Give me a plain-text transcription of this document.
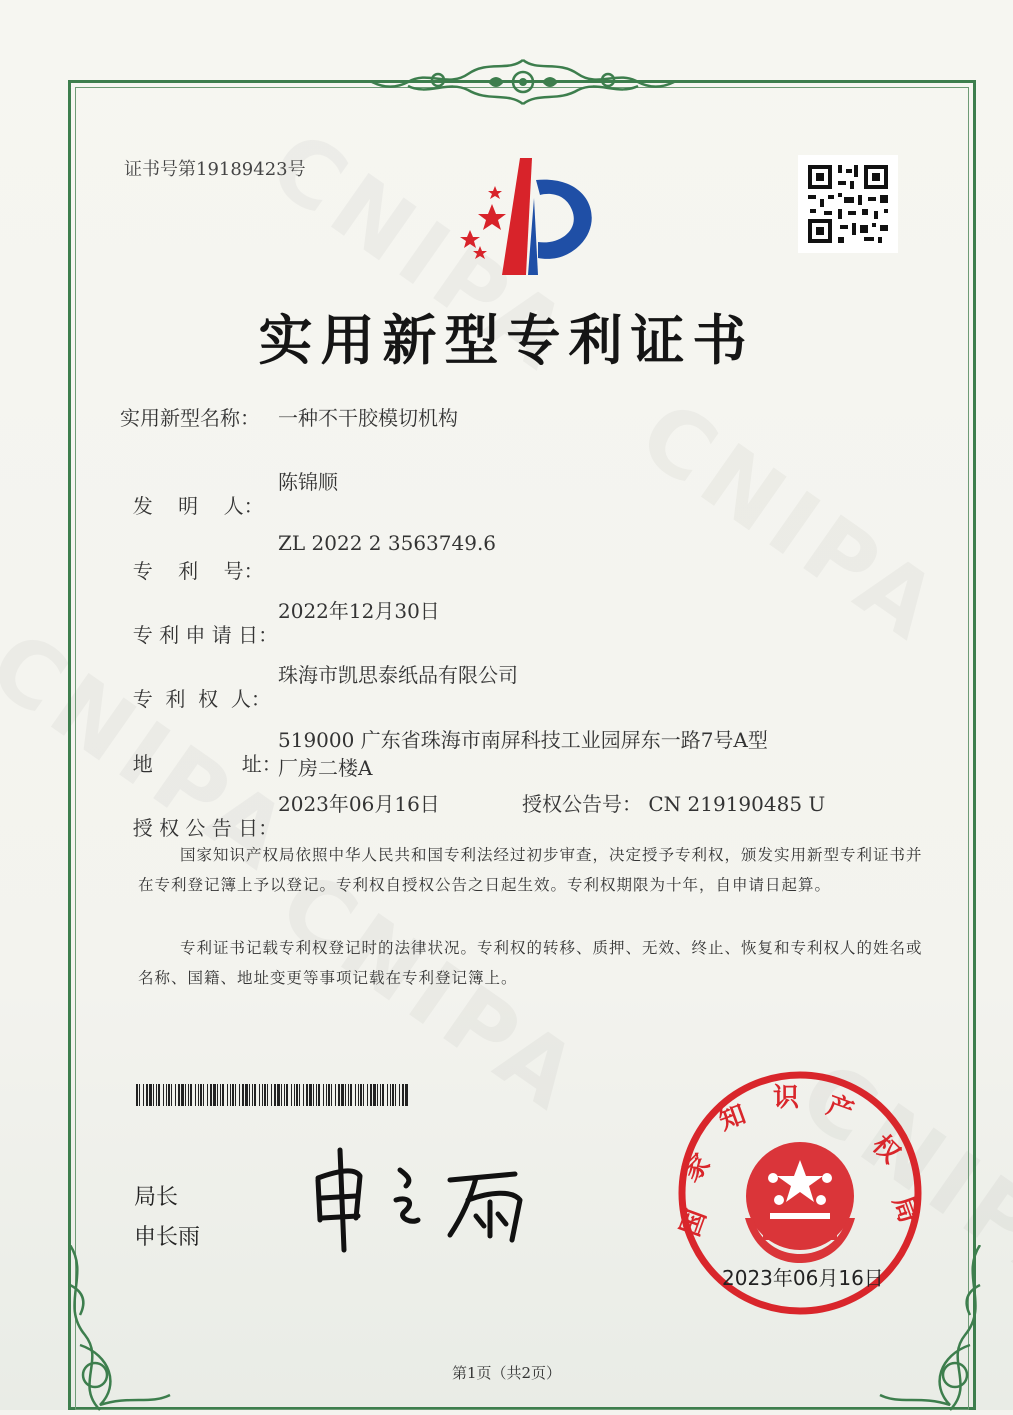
证书号第19189423号
实用新型专利证书
实用新型名称： 一种不干胶模切机构

发    明    人：

陈锦顺

专    利    号：

ZL 2022 2 3563749.6

专 利 申 请 日：

2022年12月30日

专  利  权  人：

珠海市凯思泰纸品有限公司

地              址：

519000 广东省珠海市南屏科技工业园屏东一路7号A型

厂房二楼A

授 权 公 告 日：

2023年06月16日	授权公告号： CN 219190485 U
国家知识产权局依照中华人民共和国专利法经过初步审查，决定授予专利权，颁发实用新型专利证书并在专利登记簿上予以登记。专利权自授权公告之日起生效。专利权期限为十年，自申请日起算。
专利证书记载专利权登记时的法律状况。专利权的转移、质押、无效、终止、恢复和专利权人的姓名或名称、国籍、地址变更等事项记载在专利登记簿上。
局长
申长雨	国
家
知
识 产
权
局
2023年06月16日
第1页（共2页）
